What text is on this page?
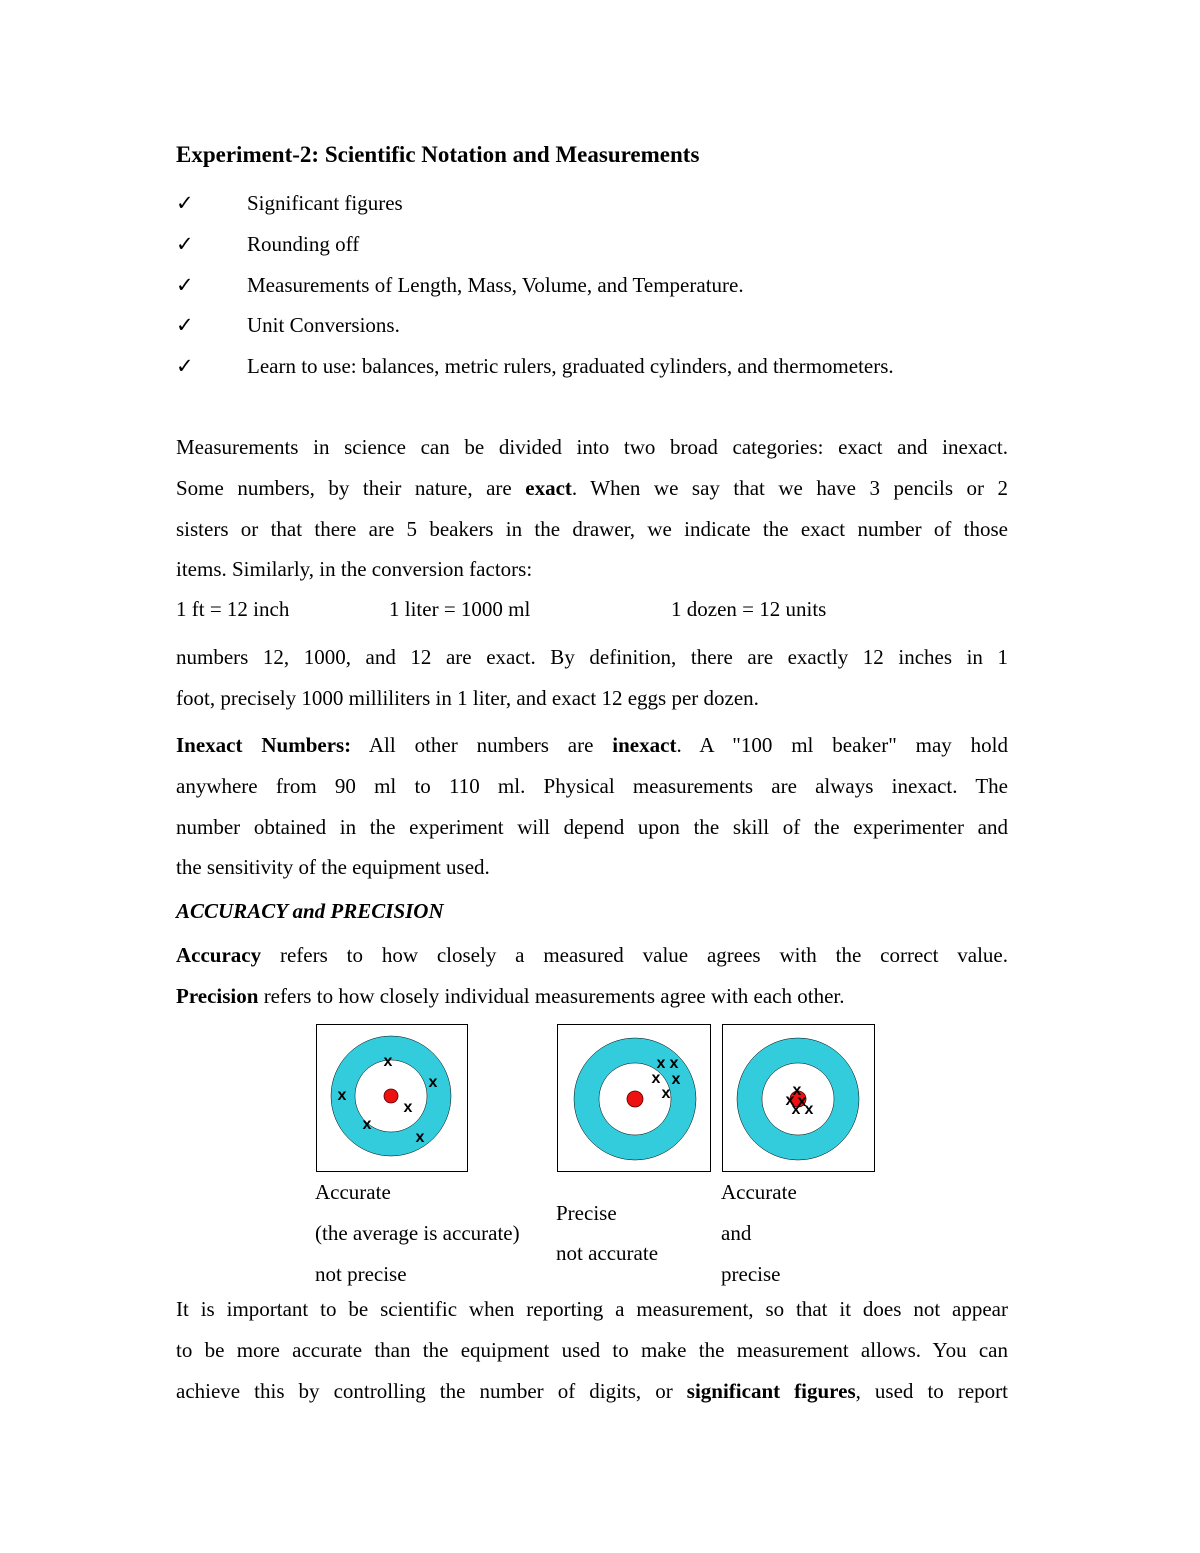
Experiment-2: Scientific Notation and Measurements
✓	Significant figures
✓	Rounding off
✓	Measurements of Length, Mass, Volume, and Temperature.
✓	Unit Conversions.
✓	Learn to use: balances, metric rulers, graduated cylinders, and thermometers.
Measurements in science can be divided into two broad categories: exact and inexact.
Some numbers, by their nature, are exact. When we say that we have 3 pencils or 2
sisters or that there are 5 beakers in the drawer, we indicate the exact number of those
items. Similarly, in the conversion factors:
1 ft = 12 inch	1 liter = 1000 ml	1 dozen = 12 units
numbers 12, 1000, and 12 are exact. By definition, there are exactly 12 inches in 1
foot, precisely 1000 milliliters in 1 liter, and exact 12 eggs per dozen.
Inexact Numbers: All other numbers are inexact. A "100 ml beaker" may hold
anywhere from 90 ml to 110 ml. Physical measurements are always inexact. The
number obtained in the experiment will depend upon the skill of the experimenter and
the sensitivity of the equipment used.
ACCURACY and PRECISION
Accuracy refers to how closely a measured value agrees with the correct value.
Precision refers to how closely individual measurements agree with each other.
x
x
x
x
x
x
x x
x x
x	x
x x
x x
Accurate
(the average is accurate)
not precise
Precise
not accurate
Accurate
and
precise
It is important to be scientific when reporting a measurement, so that it does not appear
to be more accurate than the equipment used to make the measurement allows. You can
achieve this by controlling the number of digits, or significant figures, used to report
